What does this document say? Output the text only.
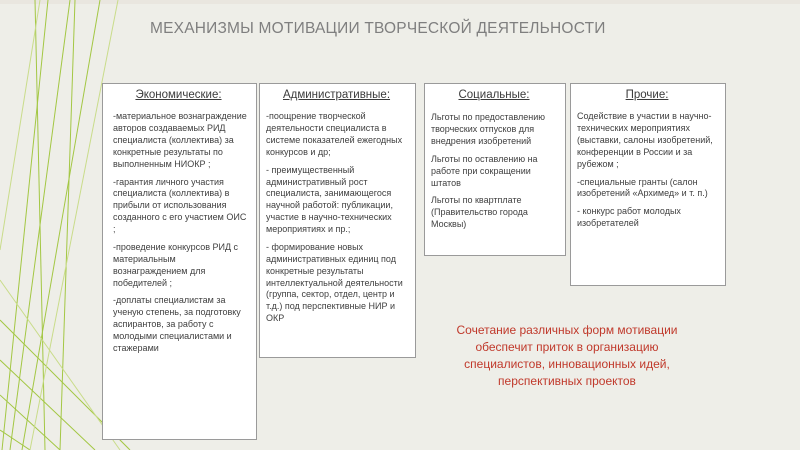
МЕХАНИЗМЫ МОТИВАЦИИ ТВОРЧЕСКОЙ ДЕЯТЕЛЬНОСТИ
Экономические:

-материальное вознаграждение авторов создаваемых РИД специалиста (коллектива) за конкретные результаты по выполненным НИОКР ;

-гарантия личного участия специалиста (коллектива) в прибыли от использования созданного с его участием ОИС ;

-проведение конкурсов РИД с материальным вознаграждением для победителей ;

-доплаты специалистам за ученую степень, за подготовку аспирантов, за работу с молодыми специалистами и стажерами

Административные:

-поощрение творческой деятельности специалиста в системе показателей ежегодных конкурсов и др;

- преимущественный административный рост специалиста, занимающегося научной работой: публикации, участие в научно-технических мероприятиях и пр.;

- формирование новых административных единиц под конкретные результаты интеллектуальной деятельности (группа, сектор, отдел, центр и т.д.) под перспективные НИР и ОКР

Социальные:

Льготы по предоставлению творческих отпусков для внедрения изобретений

Льготы по оставлению на работе при сокращении штатов

Льготы по квартплате (Правительство города Москвы)

Прочие:

Содействие в участии в научно-технических мероприятиях (выставки, салоны изобретений, конференции в России и за рубежом ;

-специальные гранты (салон изобретений «Архимед» и т. п.)

- конкурс работ молодых изобретателей

Сочетание различных форм мотивации обеспечит приток в организацию специалистов, инновационных идей, перспективных проектов
